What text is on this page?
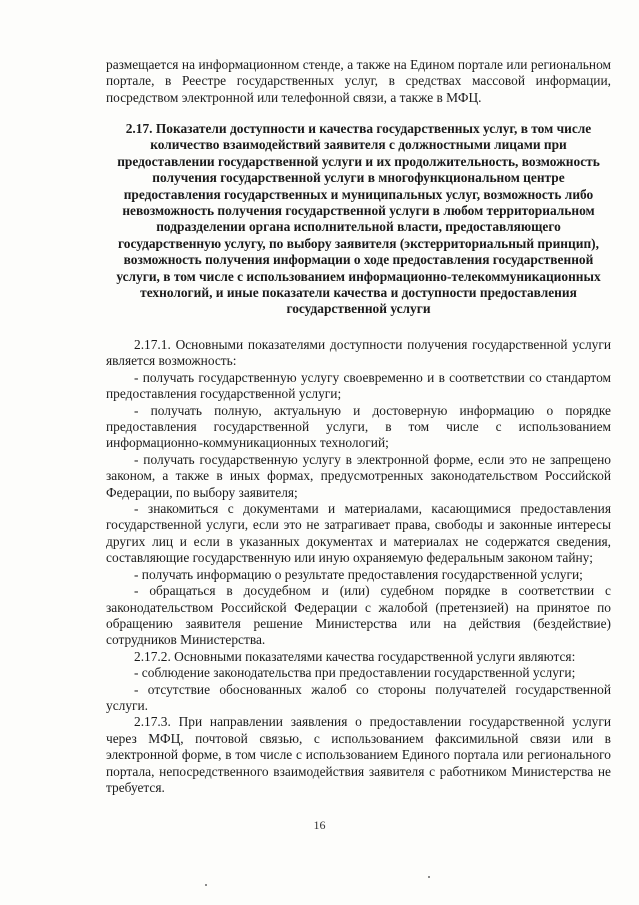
размещается на информационном стенде, а также на Едином портале или региональном портале, в Реестре государственных услуг, в средствах массовой информации, посредством электронной или телефонной связи, а также в МФЦ.

2.17. Показатели доступности и качества государственных услуг, в том числе количество взаимодействий заявителя с должностными лицами при предоставлении государственной услуги и их продолжительность, возможность получения государственной услуги в многофункциональном центре предоставления государственных и муниципальных услуг, возможность либо невозможность получения государственной услуги в любом территориальном подразделении органа исполнительной власти, предоставляющего государственную услугу, по выбору заявителя (экстерриториальный принцип), возможность получения информации о ходе предоставления государственной услуги, в том числе с использованием информационно-телекоммуникационных технологий, и иные показатели качества и доступности предоставления государственной услуги

2.17.1. Основными показателями доступности получения государственной услуги является возможность:

- получать государственную услугу своевременно и в соответствии со стандартом предоставления государственной услуги;

- получать полную, актуальную и достоверную информацию о порядке предоставления государственной услуги, в том числе с использованием информационно-коммуникационных технологий;

- получать государственную услугу в электронной форме, если это не запрещено законом, а также в иных формах, предусмотренных законодательством Российской Федерации, по выбору заявителя;

- знакомиться с документами и материалами, касающимися предоставления государственной услуги, если это не затрагивает права, свободы и законные интересы других лиц и если в указанных документах и материалах не содержатся сведения, составляющие государственную или иную охраняемую федеральным законом тайну;

- получать информацию о результате предоставления государственной услуги;

- обращаться в досудебном и (или) судебном порядке в соответствии с законодательством Российской Федерации с жалобой (претензией) на принятое по обращению заявителя решение Министерства или на действия (бездействие) сотрудников Министерства.

2.17.2. Основными показателями качества государственной услуги являются:

- соблюдение законодательства при предоставлении государственной услуги;

- отсутствие обоснованных жалоб со стороны получателей государственной услуги.

2.17.3. При направлении заявления о предоставлении государственной услуги через МФЦ, почтовой связью, с использованием факсимильной связи или в электронной форме, в том числе с использованием Единого портала или регионального портала, непосредственного взаимодействия заявителя с работником Министерства не требуется.

16
